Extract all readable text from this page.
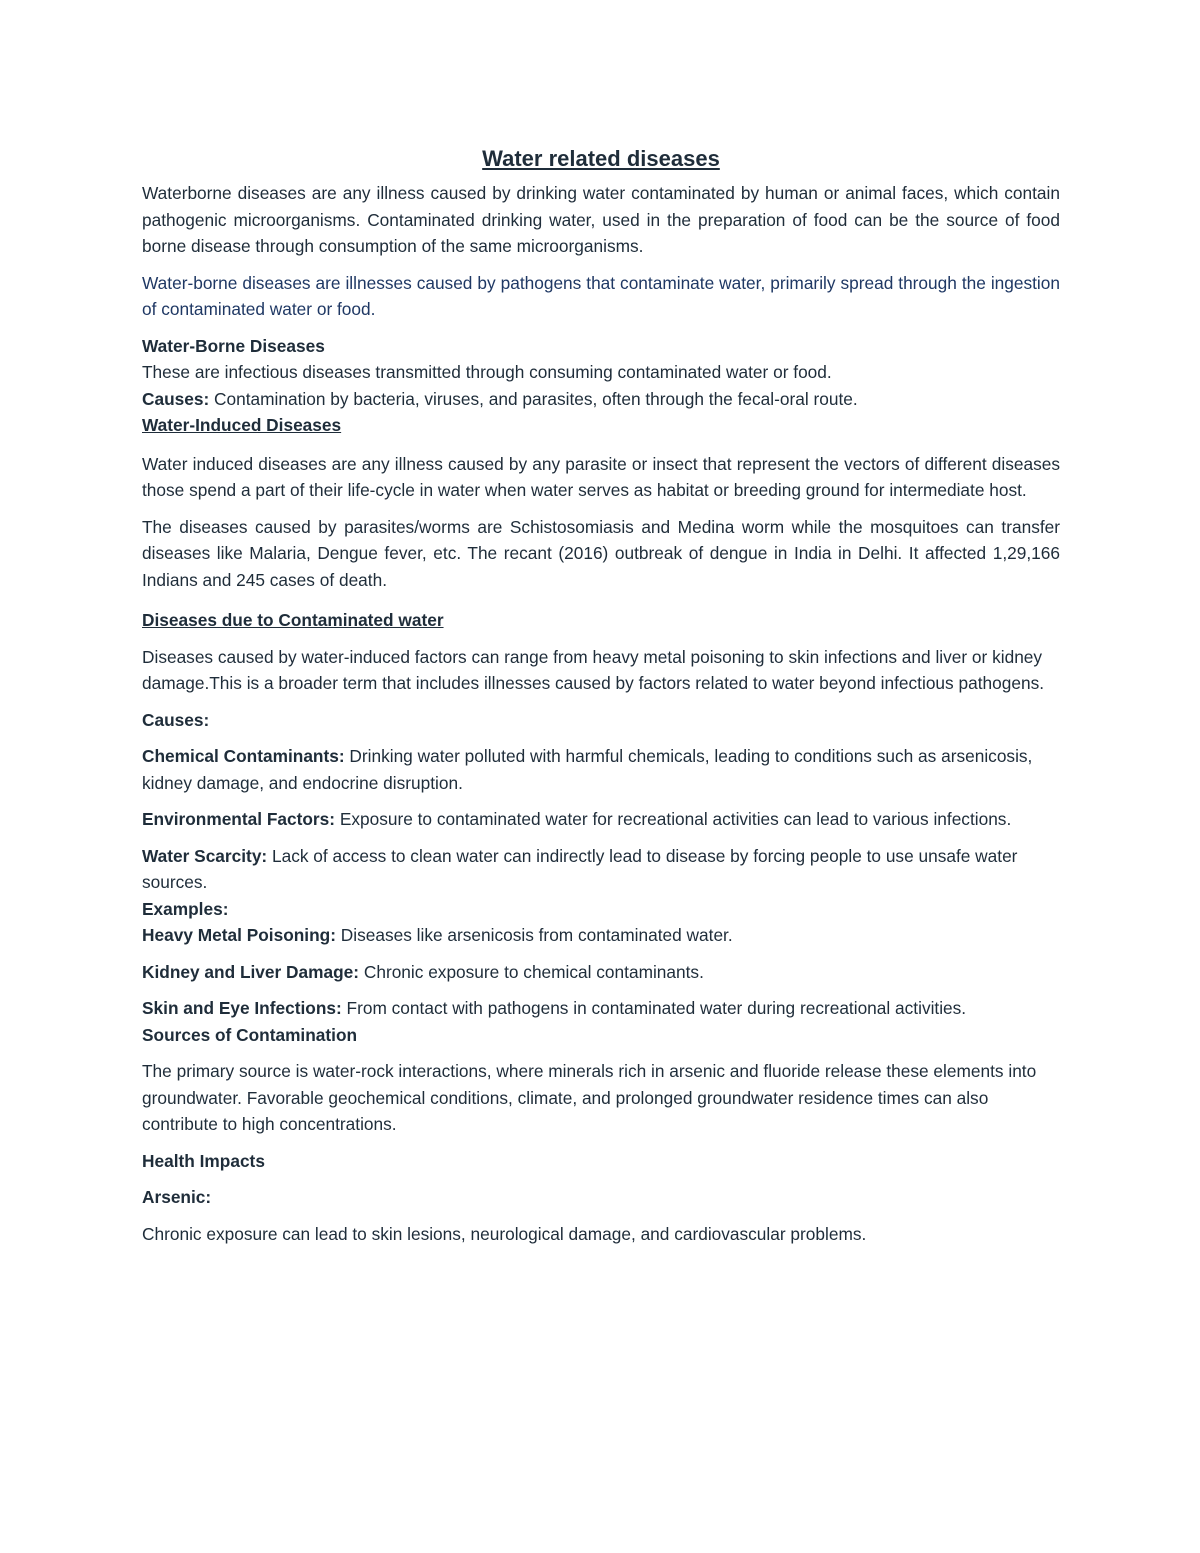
Water related diseases

Waterborne diseases are any illness caused by drinking water contaminated by human or animal faces, which contain pathogenic microorganisms. Contaminated drinking water, used in the preparation of food can be the source of food borne disease through consumption of the same microorganisms.

Water-borne diseases are illnesses caused by pathogens that contaminate water, primarily spread through the ingestion of contaminated water or food.

Water-Borne Diseases

These are infectious diseases transmitted through consuming contaminated water or food.

Causes: Contamination by bacteria, viruses, and parasites, often through the fecal-oral route.

Water-Induced Diseases

Water induced diseases are any illness caused by any parasite or insect that represent the vectors of different diseases those spend a part of their life-cycle in water when water serves as habitat or breeding ground for intermediate host.

The diseases caused by parasites/worms are Schistosomiasis and Medina worm while the mosquitoes can transfer diseases like Malaria, Dengue fever, etc. The recant (2016) outbreak of dengue in India in Delhi. It affected 1,29,166 Indians and 245 cases of death.

Diseases due to Contaminated water

Diseases caused by water-induced factors can range from heavy metal poisoning to skin infections and liver or kidney damage.This is a broader term that includes illnesses caused by factors related to water beyond infectious pathogens.

Causes:

Chemical Contaminants: Drinking water polluted with harmful chemicals, leading to conditions such as arsenicosis, kidney damage, and endocrine disruption.

Environmental Factors: Exposure to contaminated water for recreational activities can lead to various infections.

Water Scarcity: Lack of access to clean water can indirectly lead to disease by forcing people to use unsafe water sources.

Examples:

Heavy Metal Poisoning: Diseases like arsenicosis from contaminated water.

Kidney and Liver Damage: Chronic exposure to chemical contaminants.

Skin and Eye Infections: From contact with pathogens in contaminated water during recreational activities.

Sources of Contamination

The primary source is water-rock interactions, where minerals rich in arsenic and fluoride release these elements into groundwater. Favorable geochemical conditions, climate, and prolonged groundwater residence times can also contribute to high concentrations.

Health Impacts

Arsenic:

Chronic exposure can lead to skin lesions, neurological damage, and cardiovascular problems.
